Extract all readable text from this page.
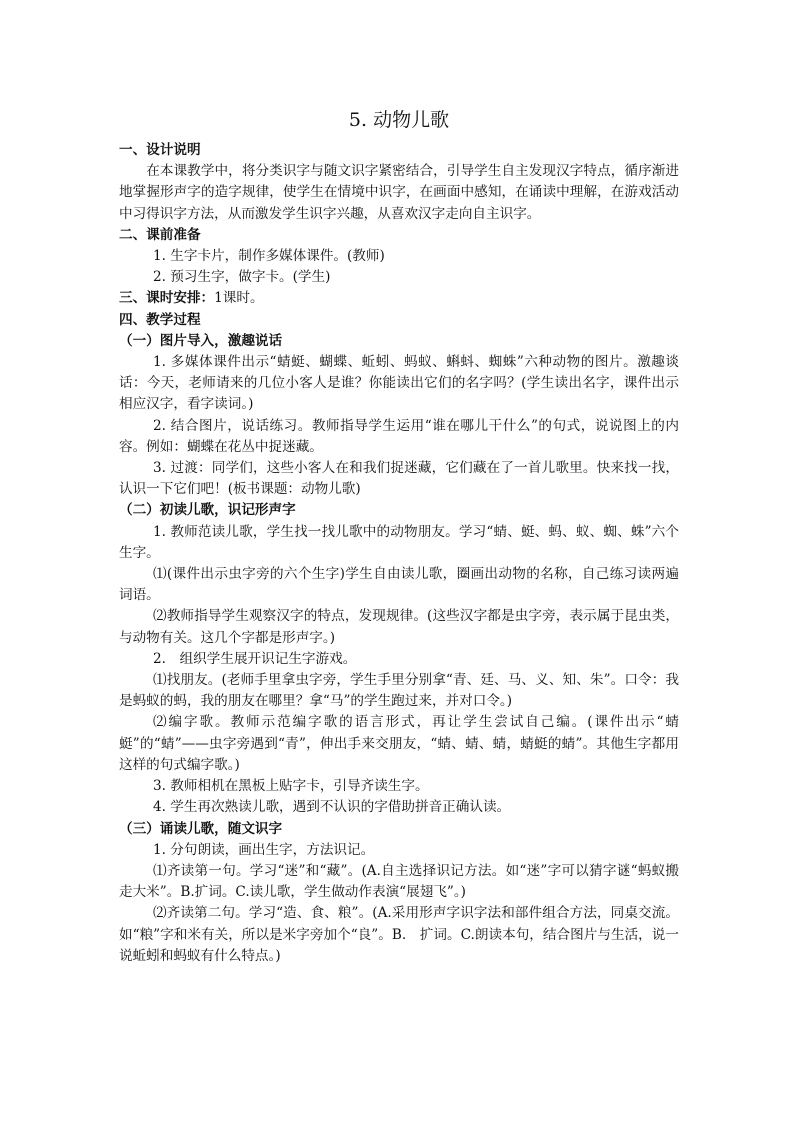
5. 动物儿歌
一、设计说明

在本课教学中，将分类识字与随文识字紧密结合，引导学生自主发现汉字特点，循序渐进地掌握形声字的造字规律，使学生在情境中识字，在画面中感知，在诵读中理解，在游戏活动中习得识字方法，从而激发学生识字兴趣，从喜欢汉字走向自主识字。

二、课前准备

1. 生字卡片，制作多媒体课件。(教师)

2. 预习生字，做字卡。(学生)

三、课时安排：1课时。

四、教学过程
（一）图片导入，激趣说话

1. 多媒体课件出示“蜻蜓、蝴蝶、蚯蚓、蚂蚁、蝌蚪、蜘蛛”六种动物的图片。激趣谈话：今天，老师请来的几位小客人是谁？你能读出它们的名字吗？(学生读出名字，课件出示相应汉字，看字读词。)

2. 结合图片，说话练习。教师指导学生运用“谁在哪儿干什么”的句式，说说图上的内容。例如：蝴蝶在花丛中捉迷藏。

3. 过渡：同学们，这些小客人在和我们捉迷藏，它们藏在了一首儿歌里。快来找一找，认识一下它们吧！(板书课题：动物儿歌)

（二）初读儿歌，识记形声字

1. 教师范读儿歌，学生找一找儿歌中的动物朋友。学习“蜻、蜓、蚂、蚁、蜘、蛛”六个生字。

⑴(课件出示虫字旁的六个生字)学生自由读儿歌，圈画出动物的名称，自己练习读两遍词语。

⑵教师指导学生观察汉字的特点，发现规律。(这些汉字都是虫字旁，表示属于昆虫类，与动物有关。这几个字都是形声字。)

2.　组织学生展开识记生字游戏。

⑴找朋友。(老师手里拿虫字旁，学生手里分别拿“青、廷、马、义、知、朱”。口令：我是蚂蚁的蚂，我的朋友在哪里？拿“马”的学生跑过来，并对口令。)

⑵编字歌。教师示范编字歌的语言形式，再让学生尝试自己编。(课件出示“蜻蜓”的“蜻”——虫字旁遇到“青”，伸出手来交朋友，“蜻、蜻、蜻，蜻蜓的蜻”。其他生字都用这样的句式编字歌。)

3. 教师相机在黑板上贴字卡，引导齐读生字。

4. 学生再次熟读儿歌，遇到不认识的字借助拼音正确认读。

（三）诵读儿歌，随文识字

1. 分句朗读，画出生字，方法识记。

⑴齐读第一句。学习“迷”和“藏”。(A.自主选择识记方法。如“迷”字可以猜字谜“蚂蚁搬走大米”。B.扩词。C.读儿歌，学生做动作表演“展翅飞”。)

⑵齐读第二句。学习“造、食、粮”。(A.采用形声字识字法和部件组合方法，同桌交流。如“粮”字和米有关，所以是米字旁加个“良”。B.　扩词。C.朗读本句，结合图片与生活，说一说蚯蚓和蚂蚁有什么特点。)
